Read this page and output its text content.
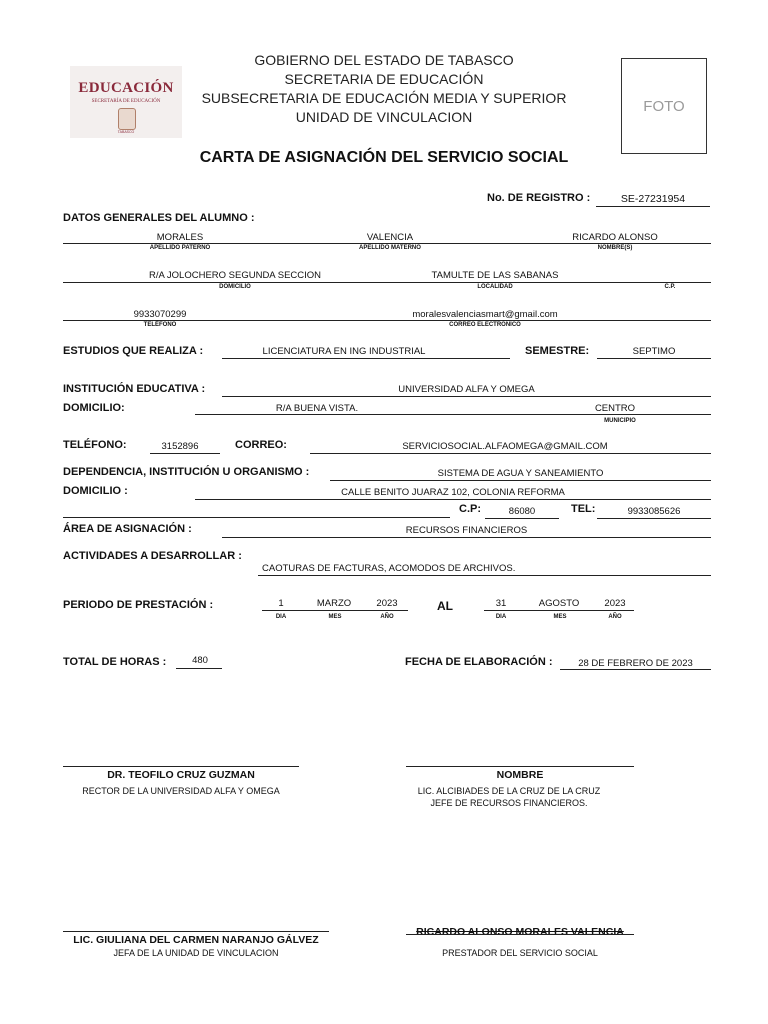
EDUCACIÓN
SECRETARÍA DE EDUCACIÓN
TABASCO
FOTO
GOBIERNO DEL ESTADO DE TABASCO
SECRETARIA DE EDUCACIÓN
SUBSECRETARIA DE EDUCACIÓN MEDIA Y SUPERIOR
UNIDAD DE VINCULACION
CARTA DE ASIGNACIÓN DEL SERVICIO SOCIAL
No. DE REGISTRO :	SE-27231954
DATOS GENERALES DEL ALUMNO :
MORALES	VALENCIA	RICARDO ALONSO
APELLIDO PATERNO	APELLIDO MATERNO	NOMBRE(S)
R/A JOLOCHERO SEGUNDA SECCION	TAMULTE DE LAS SABANAS
DOMICILIO	LOCALIDAD	C.P.
9933070299	moralesvalenciasmart@gmail.com
TELÉFONO	CORREO ELECTRÓNICO
ESTUDIOS QUE REALIZA :	LICENCIATURA EN ING INDUSTRIAL	SEMESTRE:	SEPTIMO
INSTITUCIÓN EDUCATIVA :	UNIVERSIDAD ALFA Y OMEGA
DOMICILIO:	R/A BUENA VISTA.	CENTRO
MUNICIPIO
TELÉFONO:	3152896	CORREO:	SERVICIOSOCIAL.ALFAOMEGA@GMAIL.COM
DEPENDENCIA, INSTITUCIÓN U ORGANISMO :	SISTEMA DE AGUA Y SANEAMIENTO
DOMICILIO :	CALLE BENITO JUARAZ 102, COLONIA REFORMA
C.P:	86080	TEL:	9933085626
ÁREA DE ASIGNACIÓN :	RECURSOS FINANCIEROS
ACTIVIDADES A DESARROLLAR :
CAOTURAS DE FACTURAS, ACOMODOS DE ARCHIVOS.
PERIODO DE PRESTACIÓN :	1	MARZO	2023
DIA	MES	AÑO
AL	31	AGOSTO	2023
DIA	MES	AÑO
TOTAL DE HORAS :	480	FECHA DE ELABORACIÓN :	28 DE FEBRERO DE 2023
DR. TEOFILO CRUZ GUZMAN
RECTOR DE LA UNIVERSIDAD ALFA Y OMEGA
NOMBRE
LIC. ALCIBIADES DE LA CRUZ DE LA CRUZ
JEFE DE RECURSOS FINANCIEROS.
LIC. GIULIANA DEL CARMEN NARANJO GÁLVEZ
JEFA DE LA UNIDAD DE VINCULACION
RICARDO ALONSO MORALES VALENCIA
PRESTADOR DEL SERVICIO SOCIAL
